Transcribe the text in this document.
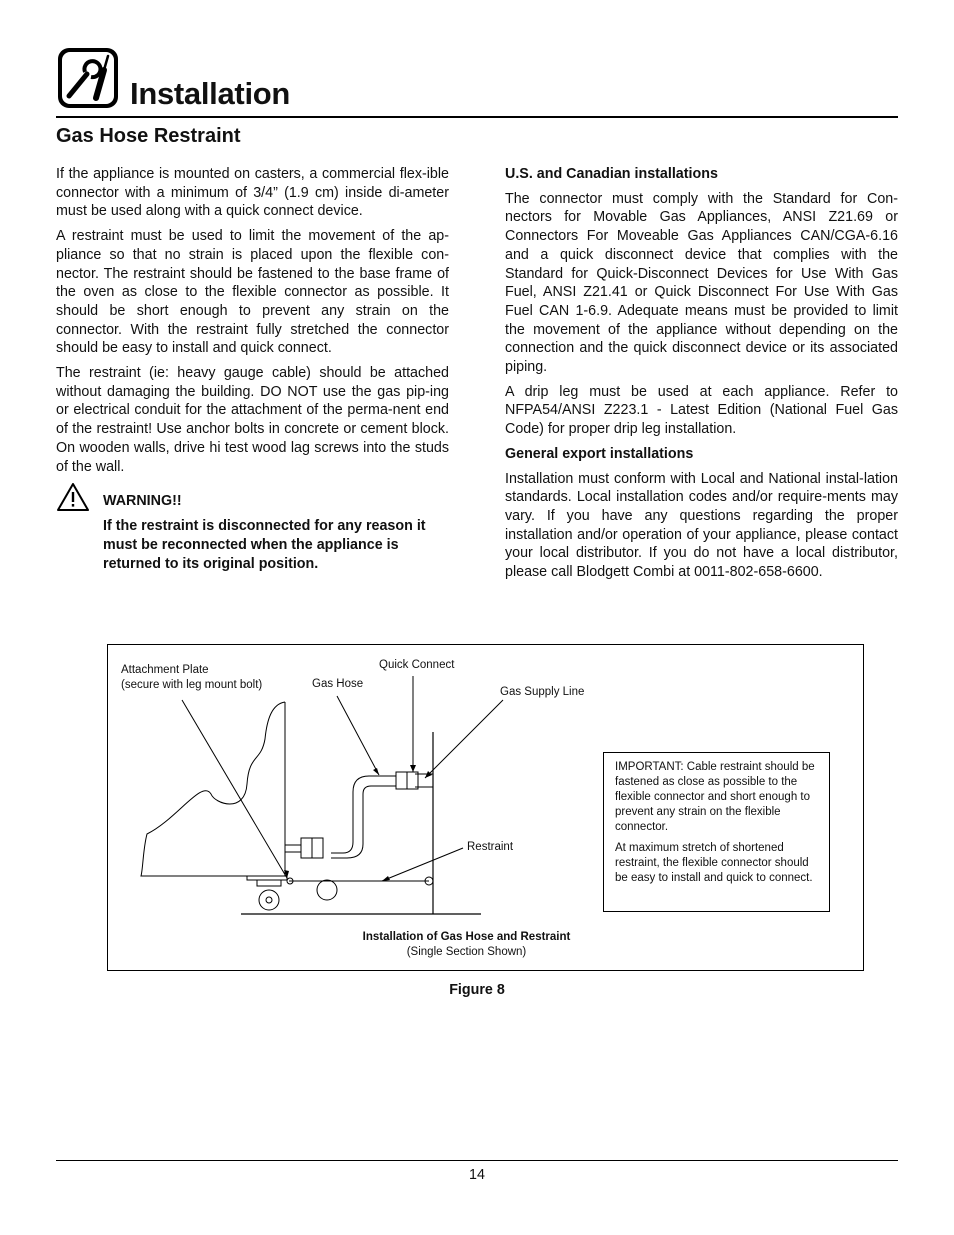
Installation
Gas Hose Restraint

If the appliance is mounted on casters, a commercial flex-ible connector with a minimum of 3/4” (1.9 cm) inside di-ameter must be used along with a quick connect device.

A restraint must be used to limit the movement of the ap-pliance so that no strain is placed upon the flexible con-nector. The restraint should be fastened to the base frame of the oven as close to the flexible connector as possible. It should be short enough to prevent any strain on the connector. With the restraint fully stretched the connector should be easy to install and quick connect.

The restraint (ie: heavy gauge cable) should be attached without damaging the building. DO NOT use the gas pip-ing or electrical conduit for the attachment of the perma-nent end of the restraint! Use anchor bolts in concrete or cement block. On wooden walls, drive hi test wood lag screws into the studs of the wall.

WARNING!!
If the restraint is disconnected for any reason it must be reconnected when the appliance is returned to its original position.

U.S. and Canadian installations

The connector must comply with the Standard for Con-nectors for Movable Gas Appliances, ANSI Z21.69 or Connectors For Moveable Gas Appliances CAN/CGA-6.16 and a quick disconnect device that complies with the Standard for Quick-Disconnect Devices for Use With Gas Fuel, ANSI Z21.41 or Quick Disconnect For Use With Gas Fuel CAN 1-6.9. Adequate means must be provided to limit the movement of the appliance without depending on the connection and the quick disconnect device or its associated piping.

A drip leg must be used at each appliance. Refer to NFPA54/ANSI Z223.1 - Latest Edition (National Fuel Gas Code) for proper drip leg installation.

General export installations

Installation must conform with Local and National instal-lation standards. Local installation codes and/or require-ments may vary. If you have any questions regarding the proper installation and/or operation of your appliance, please contact your local distributor. If you do not have a local distributor, please call Blodgett Combi at 0011-802-658-6600.

Attachment Plate
(secure with leg mount bolt)	Gas Hose
Quick Connect
Gas Supply Line
Restraint

IMPORTANT: Cable restraint should be fastened as close as possible to the flexible connector and short enough to prevent any strain on the flexible connector.

At maximum stretch of shortened restraint, the flexible connector should be easy to install and quick to connect.

Installation of Gas Hose and Restraint
(Single Section Shown)
Figure 8
14
